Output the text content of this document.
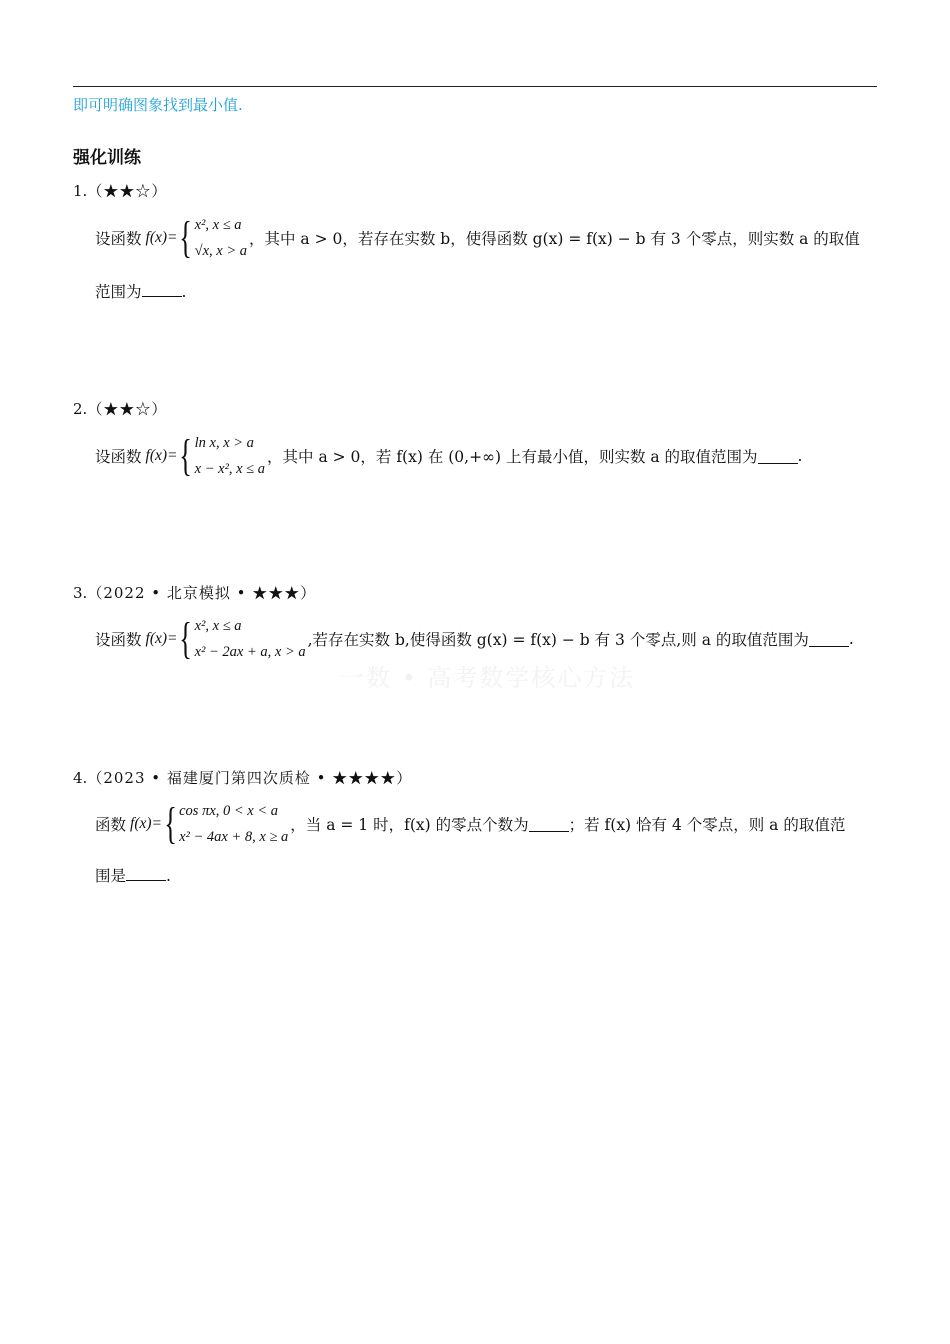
即可明确图象找到最小值.
一数 • 高考数学核心方法
强化训练
1.（★★☆）
设函数 f(x)= { x², x ≤ a
√x, x > a
，其中 a > 0，若存在实数 b，使得函数 g(x) = f(x) − b 有 3 个零点，则实数 a 的取值
范围为	.
2.（★★☆）
设函数 f(x)= { ln x, x > a
x − x², x ≤ a
，其中 a > 0，若 f(x) 在 (0,+∞) 上有最小值，则实数 a 的取值范围为	.
3.（2022 • 北京模拟 • ★★★）
设函数 f(x)= { x², x ≤ a
x² − 2ax + a, x > a
,若存在实数 b,使得函数 g(x) = f(x) − b 有 3 个零点,则 a 的取值范围为	.
4.（2023 • 福建厦门第四次质检 • ★★★★）
函数 f(x)= { cos πx, 0 < x < a
x² − 4ax + 8, x ≥ a
，当 a = 1 时，f(x) 的零点个数为	；若 f(x) 恰有 4 个零点，则 a 的取值范
围是	.
